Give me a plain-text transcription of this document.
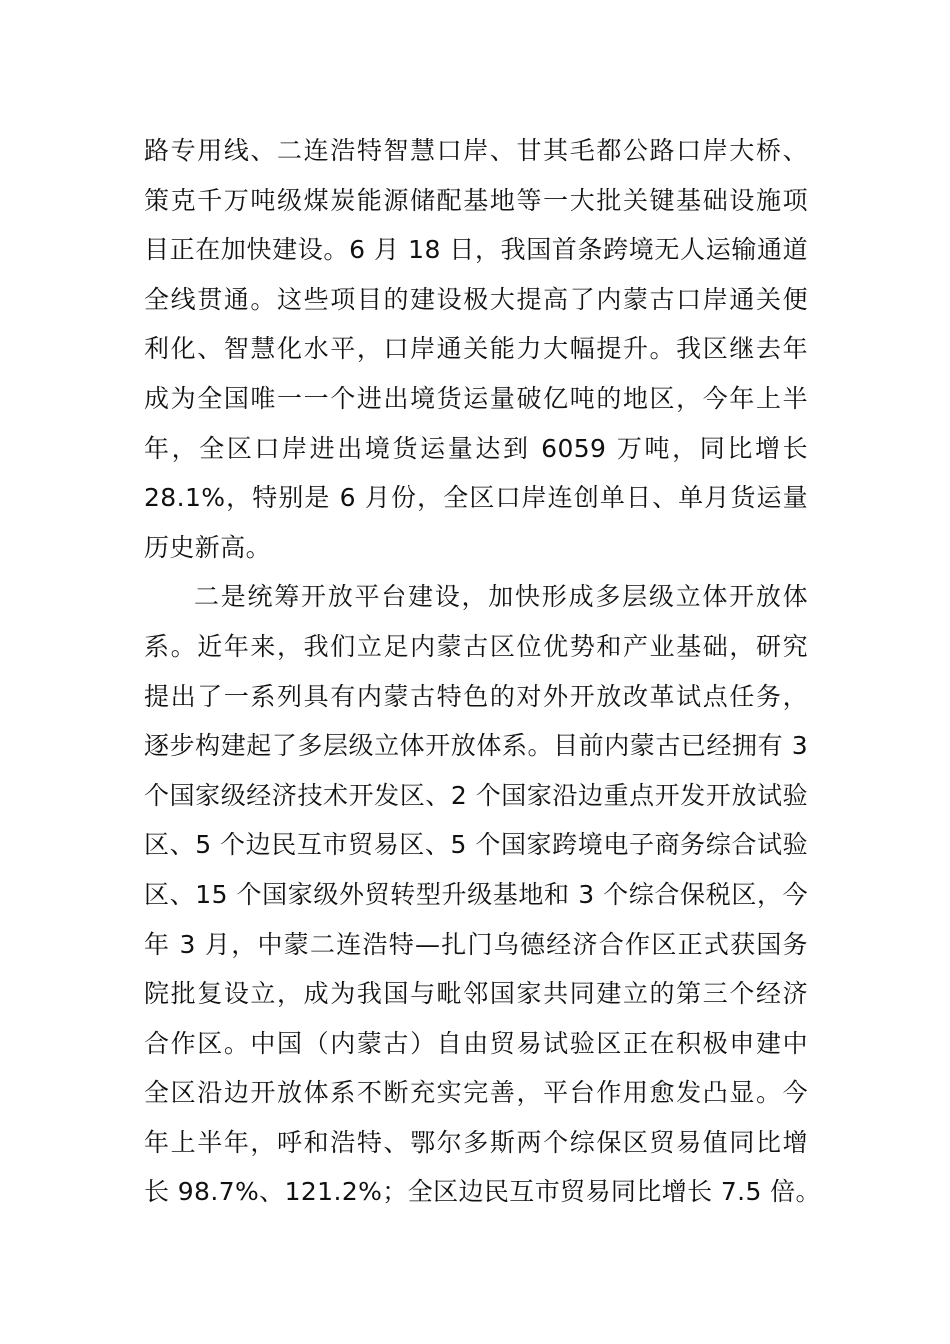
路专用线、二连浩特智慧口岸、甘其毛都公路口岸大桥、
策克千万吨级煤炭能源储配基地等一大批关键基础设施项
目正在加快建设。6 月 18 日，我国首条跨境无人运输通道
全线贯通。这些项目的建设极大提高了内蒙古口岸通关便
利化、智慧化水平，口岸通关能力大幅提升。我区继去年
成为全国唯一一个进出境货运量破亿吨的地区，今年上半
年，全区口岸进出境货运量达到 6059 万吨，同比增长
28.1%，特别是 6 月份，全区口岸连创单日、单月货运量
历史新高。
二是统筹开放平台建设，加快形成多层级立体开放体
系。近年来，我们立足内蒙古区位优势和产业基础，研究
提出了一系列具有内蒙古特色的对外开放改革试点任务，
逐步构建起了多层级立体开放体系。目前内蒙古已经拥有 3
个国家级经济技术开发区、2 个国家沿边重点开发开放试验
区、5 个边民互市贸易区、5 个国家跨境电子商务综合试验
区、15 个国家级外贸转型升级基地和 3 个综合保税区，今
年 3 月，中蒙二连浩特—扎门乌德经济合作区正式获国务
院批复设立，成为我国与毗邻国家共同建立的第三个经济
合作区。中国（内蒙古）自由贸易试验区正在积极申建中
全区沿边开放体系不断充实完善，平台作用愈发凸显。今
年上半年，呼和浩特、鄂尔多斯两个综保区贸易值同比增
长 98.7%、121.2%；全区边民互市贸易同比增长 7.5 倍。
